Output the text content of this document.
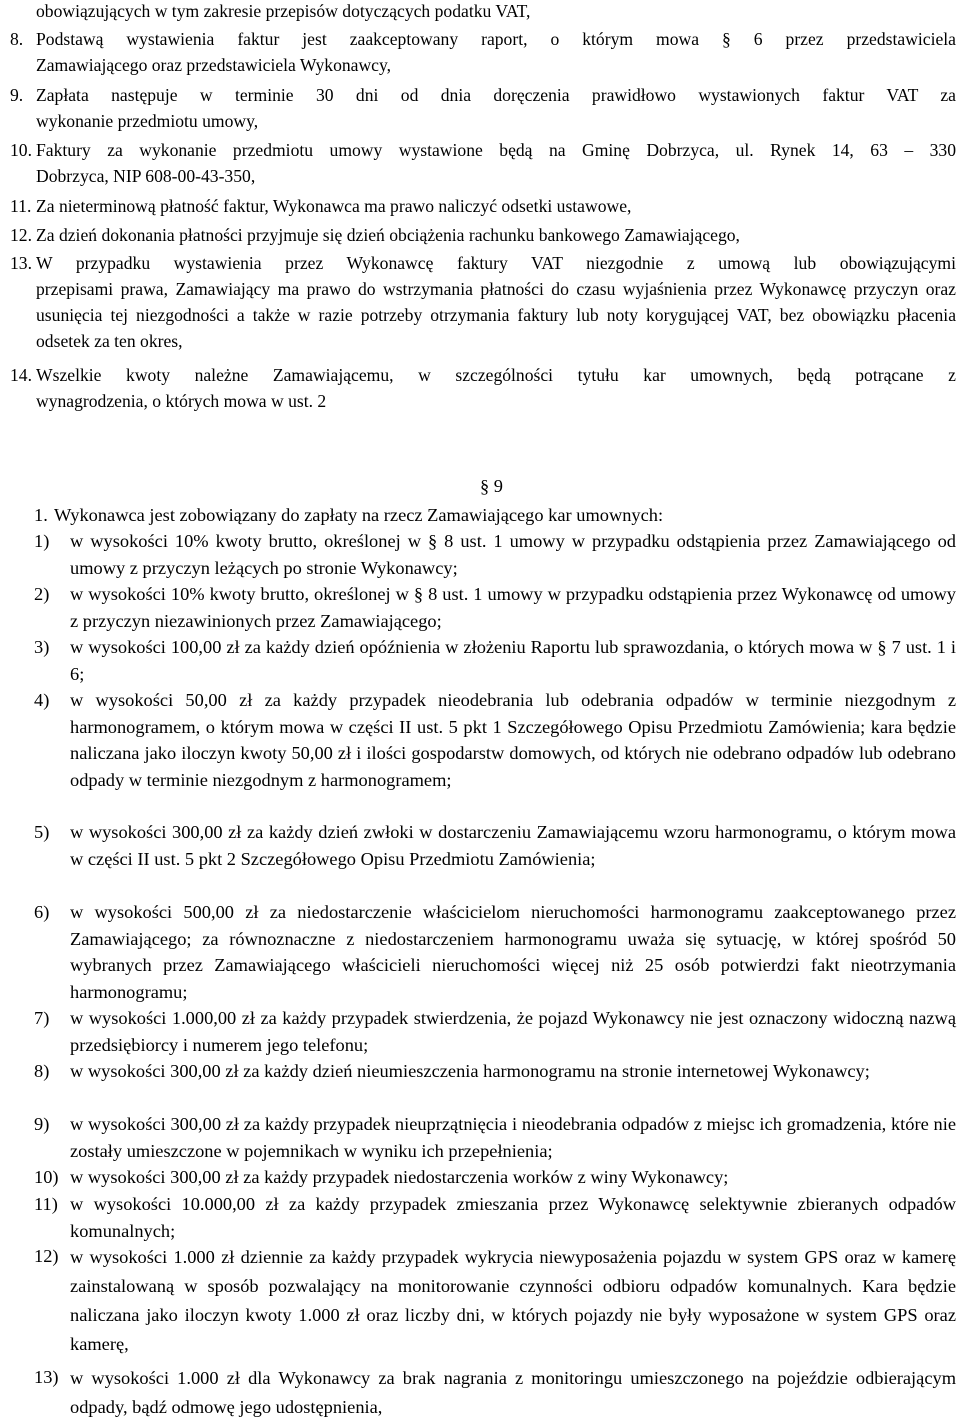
obowiązujących w tym zakresie przepisów dotyczących podatku VAT,
8. Podstawą wystawienia faktur jest zaakceptowany raport, o którym mowa § 6 przez przedstawiciela
Zamawiającego oraz przedstawiciela Wykonawcy,
9. Zapłata następuje w terminie 30 dni od dnia doręczenia prawidłowo wystawionych faktur VAT za
wykonanie przedmiotu umowy,
10. Faktury za wykonanie przedmiotu umowy wystawione będą na Gminę Dobrzyca, ul. Rynek 14, 63 – 330
Dobrzyca, NIP 608-00-43-350,
11. Za nieterminową płatność faktur, Wykonawca ma prawo naliczyć odsetki ustawowe,
12. Za dzień dokonania płatności przyjmuje się dzień obciążenia rachunku bankowego Zamawiającego,
13. W przypadku wystawienia przez Wykonawcę faktury VAT niezgodnie z umową lub obowiązującymi
przepisami prawa, Zamawiający ma prawo do wstrzymania płatności do czasu wyjaśnienia przez Wykonawcę przyczyn oraz usunięcia tej niezgodności a także w razie potrzeby otrzymania faktury lub noty korygującej VAT, bez obowiązku płacenia odsetek za ten okres,
14. Wszelkie kwoty należne Zamawiającemu, w szczególności tytułu kar umownych, będą potrącane z
wynagrodzenia, o których mowa w ust. 2
§ 9
1. Wykonawca jest zobowiązany do zapłaty na rzecz Zamawiającego kar umownych:
1) w wysokości 10% kwoty brutto, określonej w § 8 ust. 1 umowy w przypadku odstąpienia przez Zamawiającego od umowy z przyczyn leżących po stronie Wykonawcy;
2) w wysokości 10% kwoty brutto, określonej w § 8 ust. 1 umowy w przypadku odstąpienia przez Wykonawcę od umowy z przyczyn niezawinionych przez Zamawiającego;
3) w wysokości 100,00 zł za każdy dzień opóźnienia w złożeniu Raportu lub sprawozdania, o których mowa w § 7 ust. 1 i 6;
4) w wysokości 50,00 zł za każdy przypadek nieodebrania lub odebrania odpadów w terminie niezgodnym z harmonogramem, o którym mowa w części II ust. 5 pkt 1 Szczegółowego Opisu Przedmiotu Zamówienia; kara będzie naliczana jako iloczyn kwoty 50,00 zł i ilości gospodarstw domowych, od których nie odebrano odpadów lub odebrano odpady w terminie niezgodnym z harmonogramem;
5) w wysokości 300,00 zł za każdy dzień zwłoki w dostarczeniu Zamawiającemu wzoru harmonogramu, o którym mowa w części II ust. 5 pkt 2 Szczegółowego Opisu Przedmiotu Zamówienia;
6) w wysokości 500,00 zł za niedostarczenie właścicielom nieruchomości harmonogramu zaakceptowanego przez Zamawiającego; za równoznaczne z niedostarczeniem harmonogramu uważa się sytuację, w której spośród 50 wybranych przez Zamawiającego właścicieli nieruchomości więcej niż 25 osób potwierdzi fakt nieotrzymania harmonogramu;
7) w wysokości 1.000,00 zł za każdy przypadek stwierdzenia, że pojazd Wykonawcy nie jest oznaczony widoczną nazwą przedsiębiorcy i numerem jego telefonu;
8) w wysokości 300,00 zł za każdy dzień nieumieszczenia harmonogramu na stronie internetowej Wykonawcy;
9) w wysokości 300,00 zł za każdy przypadek nieuprzątnięcia i nieodebrania odpadów z miejsc ich gromadzenia, które nie zostały umieszczone w pojemnikach w wyniku ich przepełnienia;
10) w wysokości 300,00 zł za każdy przypadek niedostarczenia worków z winy Wykonawcy;
11) w wysokości 10.000,00 zł za każdy przypadek zmieszania przez Wykonawcę selektywnie zbieranych odpadów komunalnych;
12) w wysokości 1.000 zł dziennie za każdy przypadek wykrycia niewyposażenia pojazdu w system GPS oraz w kamerę zainstalowaną w sposób pozwalający na monitorowanie czynności odbioru odpadów komunalnych. Kara będzie naliczana jako iloczyn kwoty 1.000 zł oraz liczby dni, w których pojazdy nie były wyposażone w system GPS oraz kamerę,
13) w wysokości 1.000 zł dla Wykonawcy za brak nagrania z monitoringu umieszczonego na pojeździe odbierającym odpady, bądź odmowę jego udostępnienia,
